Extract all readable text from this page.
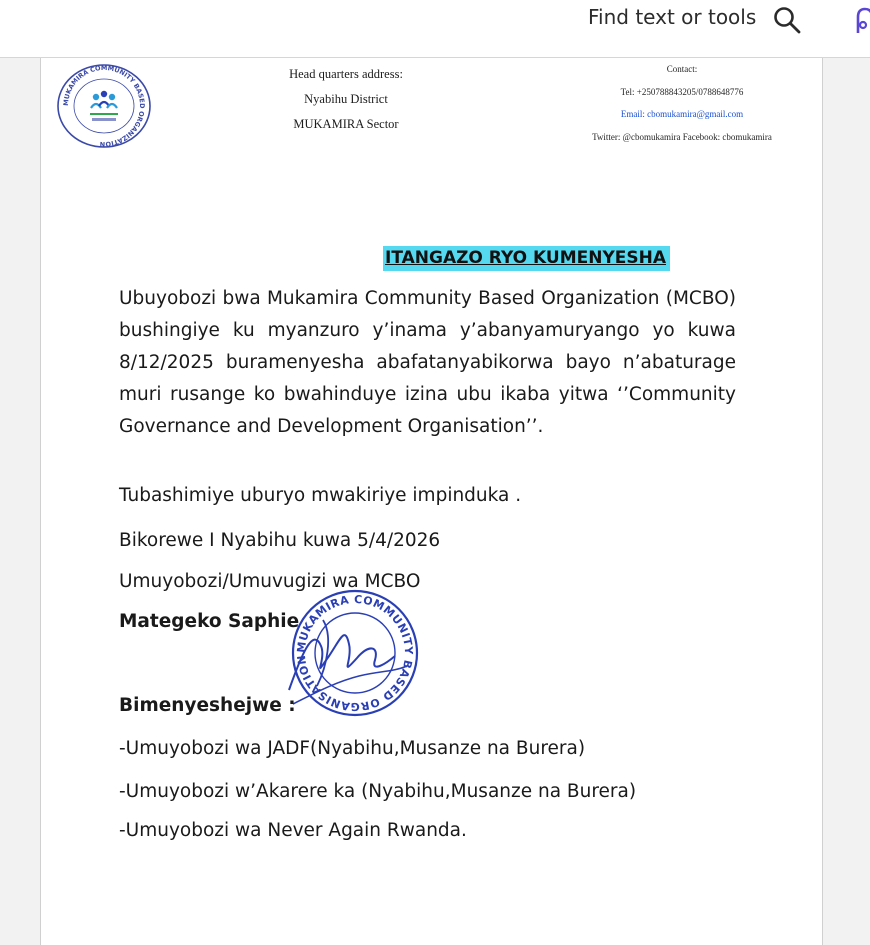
Find text or tools
MUKAMIRA COMMUNITY BASED ORGANIZATION
Head quarters address:
Nyabihu District
MUKAMIRA Sector
Contact:
Tel: +250788843205/0788648776
Email: cbomukamira@gmail.com
Twitter: @cbomukamira Facebook: cbomukamira
ITANGAZO RYO KUMENYESHA
Ubuyobozi bwa Mukamira Community Based Organization (MCBO) bushingiye ku myanzuro y’inama y’abanyamuryango yo kuwa 8/12/2025 buramenyesha abafatanyabikorwa bayo n’abaturage muri rusange ko bwahinduye izina ubu ikaba yitwa ‘’Community Governance and Development Organisation’’.
Tubashimiye uburyo mwakiriye impinduka .
Bikorewe I Nyabihu kuwa 5/4/2026
Umuyobozi/Umuvugizi wa MCBO
Mategeko Saphie
MUKAMIRA COMMUNITY BASED ORGANISATION
Bimenyeshejwe :
-Umuyobozi wa JADF(Nyabihu,Musanze na Burera)
-Umuyobozi w’Akarere ka (Nyabihu,Musanze na Burera)
-Umuyobozi wa Never Again Rwanda.
